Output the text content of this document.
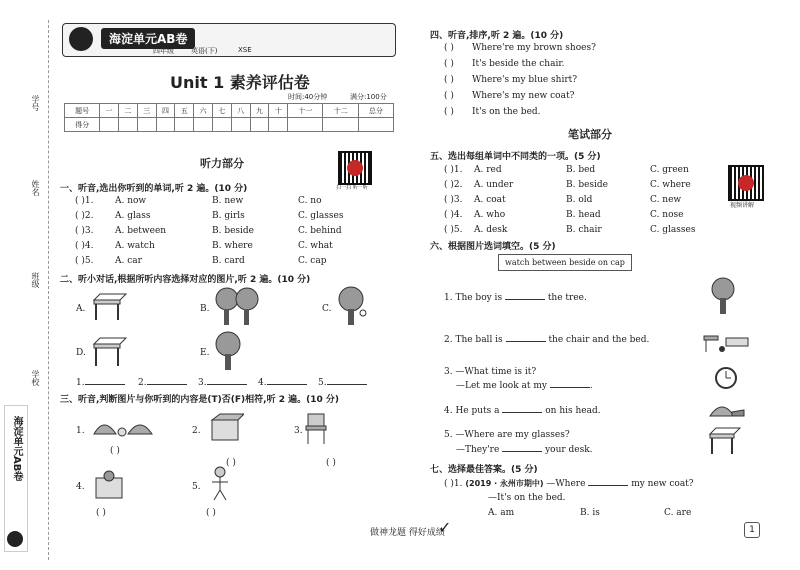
学号
姓名
班级
学校
海淀单元AB卷
海淀单元AB卷
四年级 英语(下)	XSE
Unit 1 素养评估卷
时间:40分钟	满分:100分
题号	一	二	三	四	五	六	七	八	九	十	十一	十二	总分
得分													
听力部分
扫一扫 听一听
一、听音,选出你听到的单词,听 2 遍。(10 分)
( )1. A. now	B. new	C. no
( )2. A. glass	B. girls	C. glasses
( )3. A. between	B. beside	C. behind
( )4. A. watch	B. where	C. what
( )5. A. car	B. card	C. cap
二、听小对话,根据所听内容选择对应的图片,听 2 遍。(10 分)
A.	B.	C.
D.	E.
1.	2.	3.	4.	5.
三、听音,判断图片与你听到的内容是(T)否(F)相符,听 2 遍。(10 分)
1.
( )
2.
( )
3.
( )
4.
( )
5.
( )
四、听音,排序,听 2 遍。(10 分)
( ) Where're my brown shoes?
( ) It's beside the chair.
( ) Where's my blue shirt?
( ) Where's my new coat?
( ) It's on the bed.
笔试部分
五、选出每组单词中不同类的一项。(5 分)
( )1. A. red	B. bed	C. green
( )2. A. under	B. beside	C. where
( )3. A. coat	B. old	C. new
( )4. A. who	B. head	C. nose
( )5. A. desk	B. chair	C. glasses
视频讲解
六、根据图片选词填空。(5 分)
watch between beside on cap
1. The boy is	the tree.
2. The ball is	the chair and the bed.
3. —What time is it?
—Let me look at my	.
4. He puts a	on his head.
5. —Where are my glasses?
—They're	your desk.
七、选择最佳答案。(5 分)
( )1. (2019 · 永州市期中) —Where	my new coat?
—It's on the bed.
A. am	B. is	C. are
做神龙题 得好成绩
✓	1
